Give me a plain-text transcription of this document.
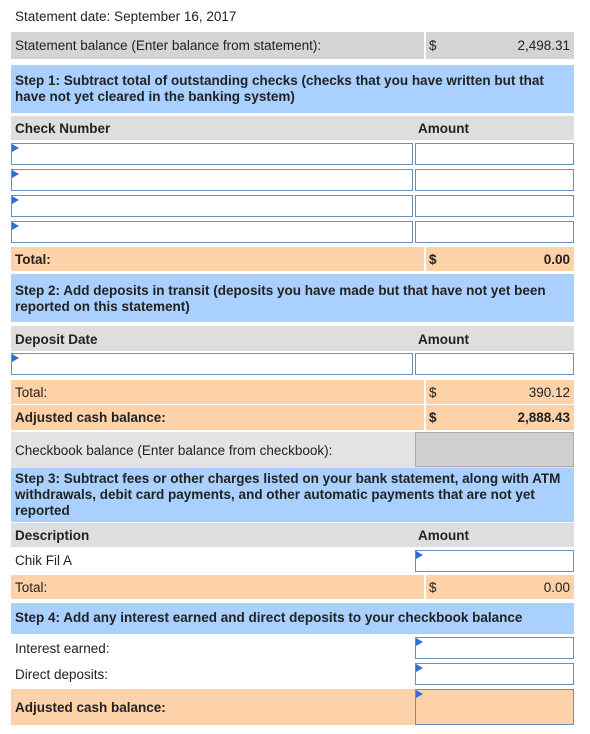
Statement date: September 16, 2017
Statement balance (Enter balance from statement):	$	2,498.31
Step 1: Subtract total of outstanding checks (checks that you have written but that have not yet cleared in the banking system)
Check Number	Amount
Total:	$	0.00
Step 2: Add deposits in transit (deposits you have made but that have not yet been reported on this statement)
Deposit Date	Amount
Total:	$	390.12
Adjusted cash balance:	$	2,888.43
Checkbook balance (Enter balance from checkbook):
Step 3: Subtract fees or other charges listed on your bank statement, along with ATM withdrawals, debit card payments, and other automatic payments that are not yet reported
Description	Amount
Chik Fil A
Total:	$	0.00
Step 4: Add any interest earned and direct deposits to your checkbook balance
Interest earned:
Direct deposits:
Adjusted cash balance:
